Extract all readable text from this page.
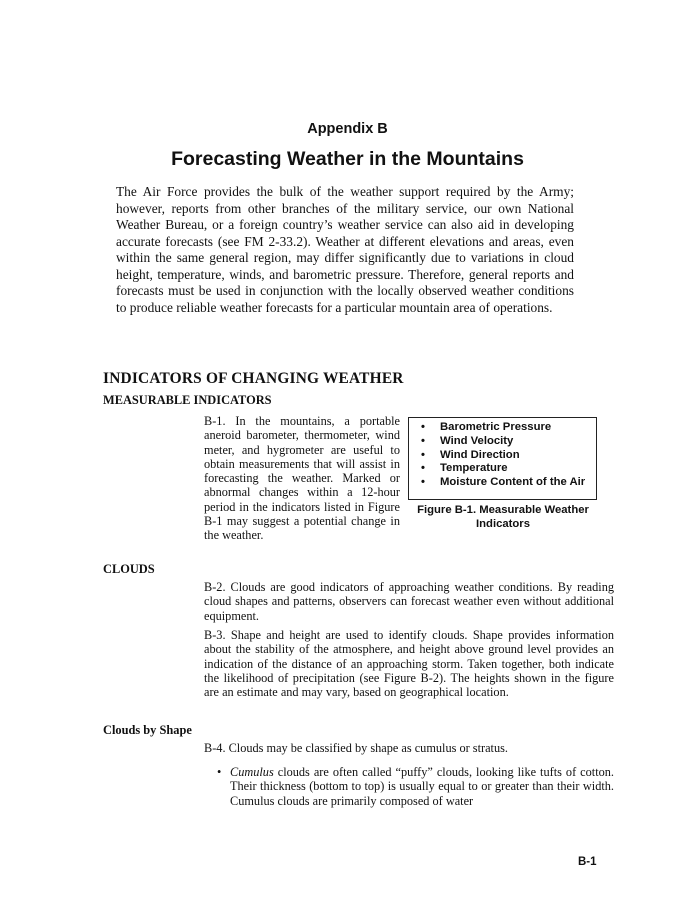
Appendix B
Forecasting Weather in the Mountains
The Air Force provides the bulk of the weather support required by the Army; however, reports from other branches of the military service, our own National Weather Bureau, or a foreign country’s weather service can also aid in developing accurate forecasts (see FM 2-33.2). Weather at different elevations and areas, even within the same general region, may differ significantly due to variations in cloud height, temperature, winds, and barometric pressure. Therefore, general reports and forecasts must be used in conjunction with the locally observed weather conditions to produce reliable weather forecasts for a particular mountain area of operations.
INDICATORS OF CHANGING WEATHER
MEASURABLE INDICATORS
B-1. In the mountains, a portable aneroid barometer, thermometer, wind meter, and hygrometer are useful to obtain measurements that will assist in forecasting the weather. Marked or abnormal changes within a 12-hour period in the indicators listed in Figure B-1 may suggest a potential change in the weather.
• Barometric Pressure
• Wind Velocity
• Wind Direction
• Temperature
• Moisture Content of the Air
Figure B-1. Measurable Weather Indicators
CLOUDS
B-2. Clouds are good indicators of approaching weather conditions. By reading cloud shapes and patterns, observers can forecast weather even without additional equipment.
B-3. Shape and height are used to identify clouds. Shape provides information about the stability of the atmosphere, and height above ground level provides an indication of the distance of an approaching storm. Taken together, both indicate the likelihood of precipitation (see Figure B-2). The heights shown in the figure are an estimate and may vary, based on geographical location.
Clouds by Shape
B-4. Clouds may be classified by shape as cumulus or stratus.
• Cumulus clouds are often called “puffy” clouds, looking like tufts of cotton. Their thickness (bottom to top) is usually equal to or greater than their width. Cumulus clouds are primarily composed of water
B-1
